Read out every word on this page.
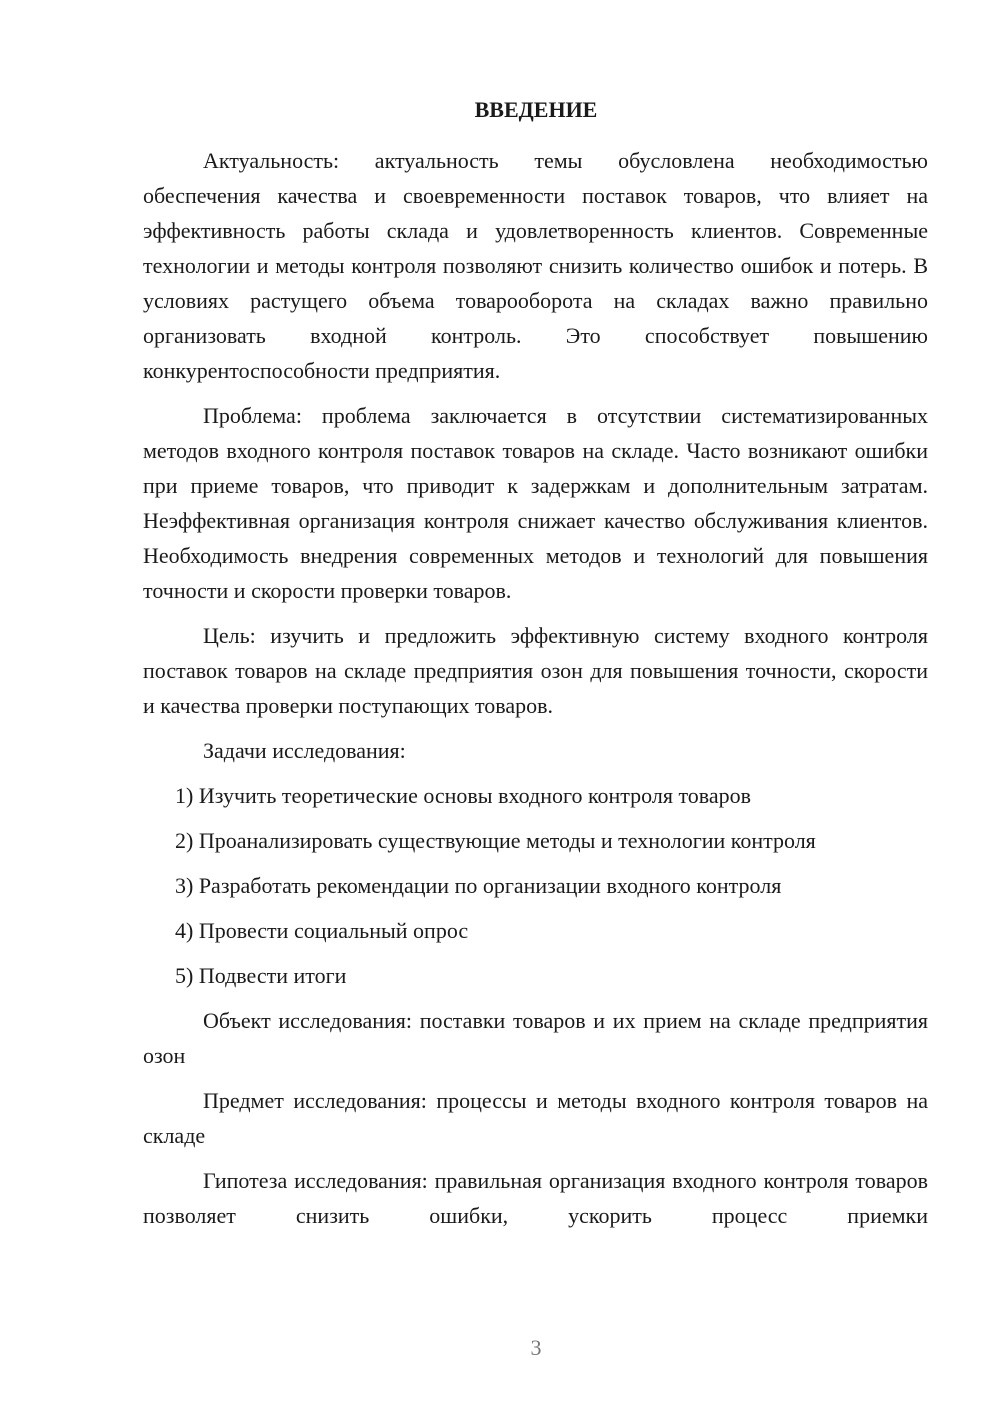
ВВЕДЕНИЕ

Актуальность: актуальность темы обусловлена необходимостью обеспечения качества и своевременности поставок товаров, что влияет на эффективность работы склада и удовлетворенность клиентов. Современные технологии и методы контроля позволяют снизить количество ошибок и потерь. В условиях растущего объема товарооборота на складах важно правильно организовать входной контроль. Это способствует повышению конкурентоспособности предприятия.

Проблема: проблема заключается в отсутствии систематизированных методов входного контроля поставок товаров на складе. Часто возникают ошибки при приеме товаров, что приводит к задержкам и дополнительным затратам. Неэффективная организация контроля снижает качество обслуживания клиентов. Необходимость внедрения современных методов и технологий для повышения точности и скорости проверки товаров.

Цель: изучить и предложить эффективную систему входного контроля поставок товаров на складе предприятия озон для повышения точности, скорости и качества проверки поступающих товаров.

Задачи исследования:

1) Изучить теоретические основы входного контроля товаров

2) Проанализировать существующие методы и технологии контроля

3) Разработать рекомендации по организации входного контроля

4) Провести социальный опрос

5) Подвести итоги

Объект исследования: поставки товаров и их прием на складе предприятия озон

Предмет исследования: процессы и методы входного контроля товаров на складе

Гипотеза исследования: правильная организация входного контроля товаров позволяет снизить ошибки, ускорить процесс приемки

3
